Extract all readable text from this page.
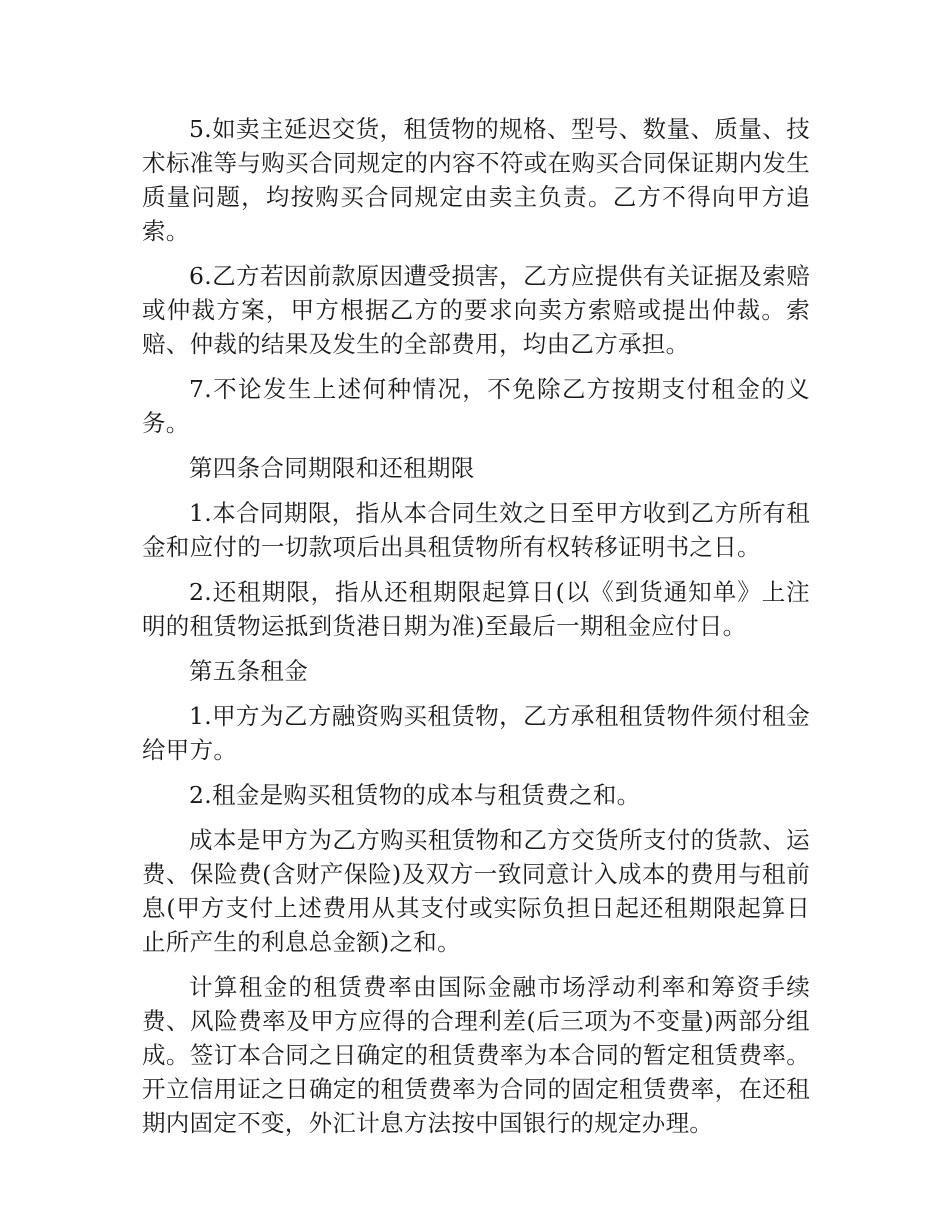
5.如卖主延迟交货，租赁物的规格、型号、数量、质量、技术标准等与购买合同规定的内容不符或在购买合同保证期内发生质量问题，均按购买合同规定由卖主负责。乙方不得向甲方追索。

6.乙方若因前款原因遭受损害，乙方应提供有关证据及索赔或仲裁方案，甲方根据乙方的要求向卖方索赔或提出仲裁。索赔、仲裁的结果及发生的全部费用，均由乙方承担。

7.不论发生上述何种情况，不免除乙方按期支付租金的义务。

第四条合同期限和还租期限

1.本合同期限，指从本合同生效之日至甲方收到乙方所有租金和应付的一切款项后出具租赁物所有权转移证明书之日。

2.还租期限，指从还租期限起算日(以《到货通知单》上注明的租赁物运抵到货港日期为准)至最后一期租金应付日。

第五条租金

1.甲方为乙方融资购买租赁物，乙方承租租赁物件须付租金给甲方。

2.租金是购买租赁物的成本与租赁费之和。

成本是甲方为乙方购买租赁物和乙方交货所支付的货款、运费、保险费(含财产保险)及双方一致同意计入成本的费用与租前息(甲方支付上述费用从其支付或实际负担日起还租期限起算日止所产生的利息总金额)之和。

计算租金的租赁费率由国际金融市场浮动利率和筹资手续费、风险费率及甲方应得的合理利差(后三项为不变量)两部分组成。签订本合同之日确定的租赁费率为本合同的暂定租赁费率。开立信用证之日确定的租赁费率为合同的固定租赁费率，在还租期内固定不变，外汇计息方法按中国银行的规定办理。
